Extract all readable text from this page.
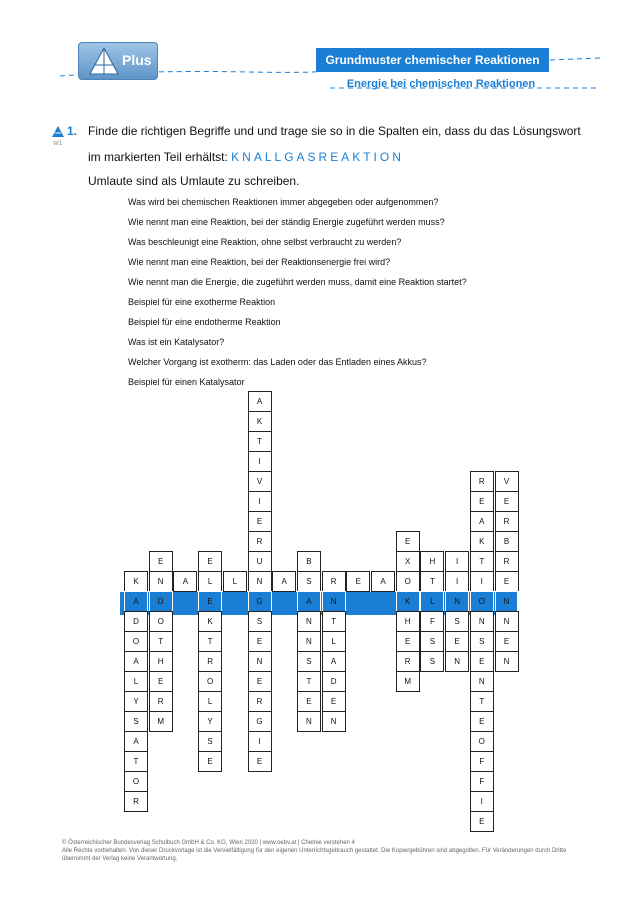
Plus	Grundmuster chemischer Reaktionen
Energie bei chemischen Reaktionen
W1
1. Finde die richtigen Begriffe und und trage sie so in die Spalten ein, dass du das Lösungswort
im markierten Teil erhältst: KNALLGASREAKTION
Umlaute sind als Umlaute zu schreiben.
Was wird bei chemischen Reaktionen immer abgegeben oder aufgenommen?
Wie nennt man eine Reaktion, bei der ständig Energie zugeführt werden muss?
Was beschleunigt eine Reaktion, ohne selbst verbraucht zu werden?
Wie nennt man eine Reaktion, bei der Reaktionsenergie frei wird?
Wie nennt man die Energie, die zugeführt werden muss, damit eine Reaktion startet?
Beispiel für eine exotherme Reaktion
Beispiel für eine endotherme Reaktion
Was ist ein Katalysator?
Welcher Vorgang ist exotherm: das Laden oder das Entladen eines Akkus?
Beispiel für einen Katalysator
K
A
D
O
A
L
Y
S
A
T
O
R
E
N
D
O
T
H
E
R
M
A
E
L
E
K
T
R
O
L
Y
S
E
L
A
K
T
I
V
I
E
R
U
N
G
S
E
N
E
R
G
I
E
A
B
S
A
N
N
S
T
E
N
R
N
T
L
A
D
E
N
E	A
E
X
O
K
H
E
R
M
H
T
L
F
S
S
I
I
N
S
E
N
R
E
A
K
T
I
O
N
S
E
N
T
E
O
F
F
I
E
V
E
R
B
R
E
N
N
E
N
© Österreichischer Bundesverlag Schulbuch GmbH & Co. KG, Wien 2020 | www.oebv.at | Chemie verstehen 4
Alle Rechte vorbehalten. Von dieser Druckvorlage ist die Vervielfältigung für den eigenen Unterrichtsgebrauch gestattet. Die Kopiergebühren sind abgegolten. Für Veränderungen durch Dritte übernimmt der Verlag keine Verantwortung.
